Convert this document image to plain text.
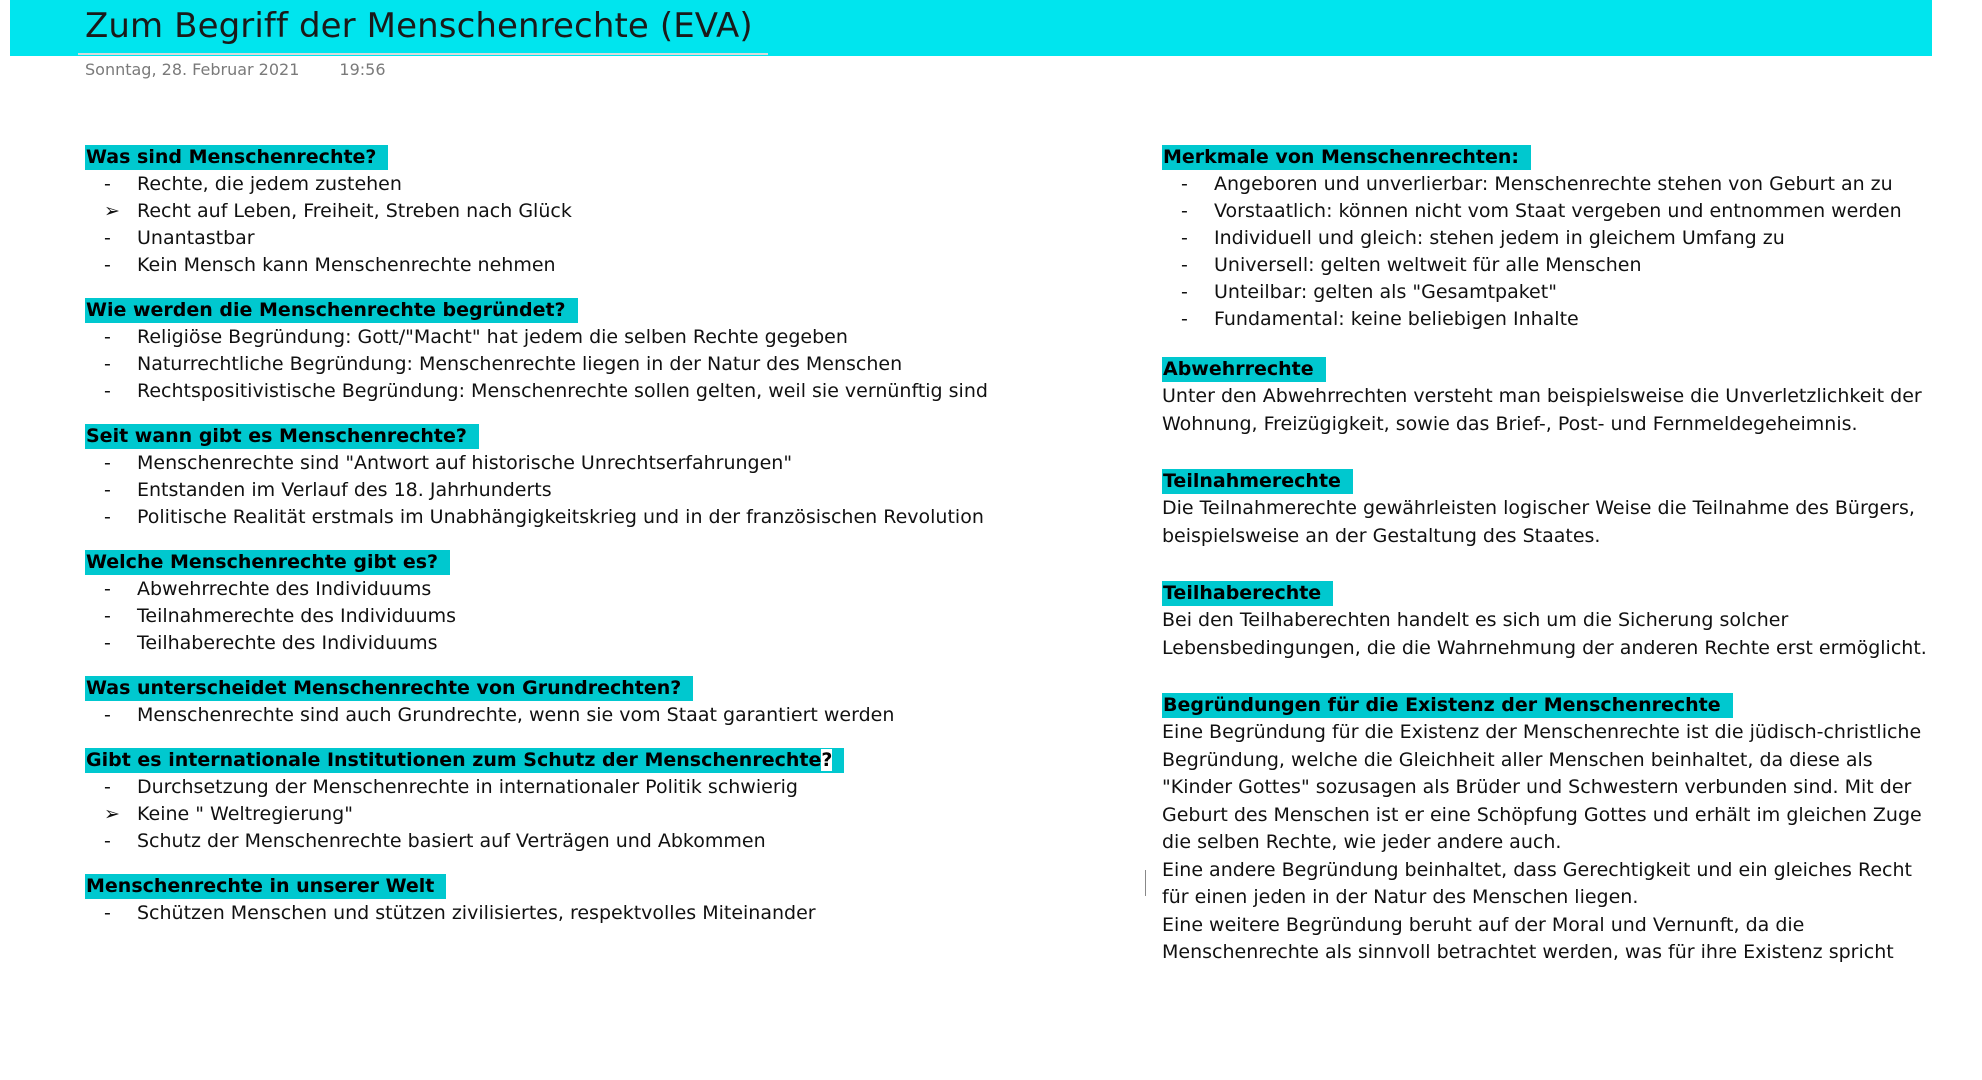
Zum Begriff der Menschenrechte (EVA)
Sonntag, 28. Februar 2021	19:56
Was sind Menschenrechte?
-	Rechte, die jedem zustehen
➢ Recht auf Leben, Freiheit, Streben nach Glück
-	Unantastbar
-	Kein Mensch kann Menschenrechte nehmen
Wie werden die Menschenrechte begründet?
-	Religiöse Begründung: Gott/"Macht" hat jedem die selben Rechte gegeben
-	Naturrechtliche Begründung: Menschenrechte liegen in der Natur des Menschen
-	Rechtspositivistische Begründung: Menschenrechte sollen gelten, weil sie vernünftig sind
Seit wann gibt es Menschenrechte?
-	Menschenrechte sind "Antwort auf historische Unrechtserfahrungen"
-	Entstanden im Verlauf des 18. Jahrhunderts
-	Politische Realität erstmals im Unabhängigkeitskrieg und in der französischen Revolution
Welche Menschenrechte gibt es?
-	Abwehrrechte des Individuums
-	Teilnahmerechte des Individuums
-	Teilhaberechte des Individuums
Was unterscheidet Menschenrechte von Grundrechten?
-	Menschenrechte sind auch Grundrechte, wenn sie vom Staat garantiert werden
Gibt es internationale Institutionen zum Schutz der Menschenrechte?
-	Durchsetzung der Menschenrechte in internationaler Politik schwierig
➢ Keine " Weltregierung"
-	Schutz der Menschenrechte basiert auf Verträgen und Abkommen
Menschenrechte in unserer Welt
-	Schützen Menschen und stützen zivilisiertes, respektvolles Miteinander
Merkmale von Menschenrechten:
-	Angeboren und unverlierbar: Menschenrechte stehen von Geburt an zu
-	Vorstaatlich: können nicht vom Staat vergeben und entnommen werden
-	Individuell und gleich: stehen jedem in gleichem Umfang zu
-	Universell: gelten weltweit für alle Menschen
-	Unteilbar: gelten als "Gesamtpaket"
-	Fundamental: keine beliebigen Inhalte
Abwehrrechte

Unter den Abwehrrechten versteht man beispielsweise die Unverletzlichkeit der Wohnung, Freizügigkeit, sowie das Brief-, Post- und Fernmeldegeheimnis.

Teilnahmerechte

Die Teilnahmerechte gewährleisten logischer Weise die Teilnahme des Bürgers, beispielsweise an der Gestaltung des Staates.

Teilhaberechte

Bei den Teilhaberechten handelt es sich um die Sicherung solcher Lebensbedingungen, die die Wahrnehmung der anderen Rechte erst ermöglicht.

Begründungen für die Existenz der Menschenrechte

Eine Begründung für die Existenz der Menschenrechte ist die jüdisch-christliche Begründung, welche die Gleichheit aller Menschen beinhaltet, da diese als "Kinder Gottes" sozusagen als Brüder und Schwestern verbunden sind. Mit der Geburt des Menschen ist er eine Schöpfung Gottes und erhält im gleichen Zuge die selben Rechte, wie jeder andere auch.

Eine andere Begründung beinhaltet, dass Gerechtigkeit und ein gleiches Recht für einen jeden in der Natur des Menschen liegen.

Eine weitere Begründung beruht auf der Moral und Vernunft, da die Menschenrechte als sinnvoll betrachtet werden, was für ihre Existenz spricht
